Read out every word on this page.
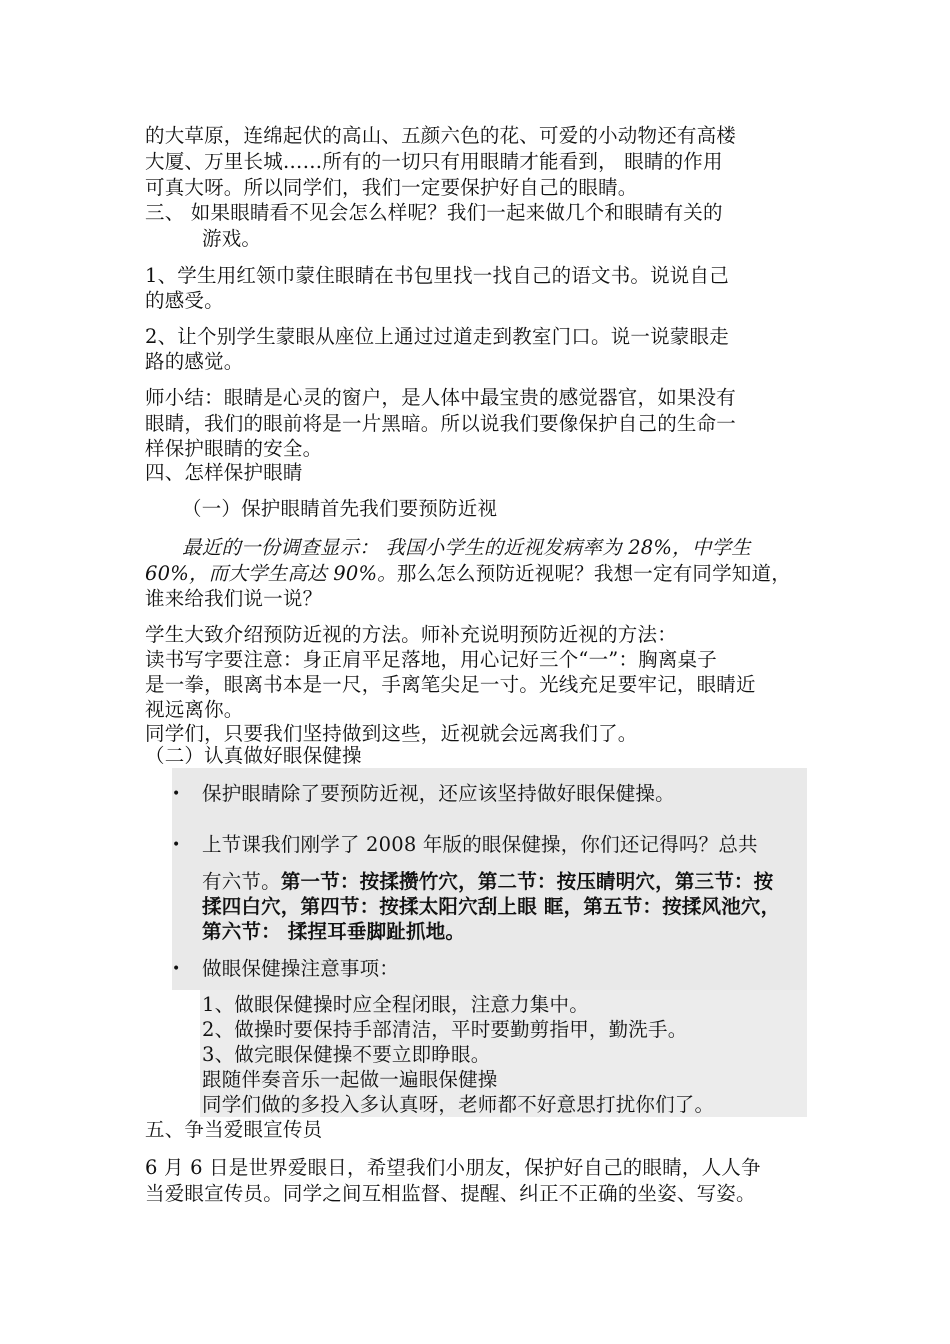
的大草原，连绵起伏的高山、五颜六色的花、可爱的小动物还有高楼
大厦、万里长城……所有的一切只有用眼睛才能看到， 眼睛的作用
可真大呀。所以同学们，我们一定要保护好自己的眼睛。
三、 如果眼睛看不见会怎么样呢？我们一起来做几个和眼睛有关的
游戏。
1、学生用红领巾蒙住眼睛在书包里找一找自己的语文书。说说自己
的感受。
2、让个别学生蒙眼从座位上通过过道走到教室门口。说一说蒙眼走
路的感觉。
师小结：眼睛是心灵的窗户，是人体中最宝贵的感觉器官，如果没有
眼睛，我们的眼前将是一片黑暗。所以说我们要像保护自己的生命一
样保护眼睛的安全。
四、怎样保护眼睛
（一）保护眼睛首先我们要预防近视
最近的一份调查显示： 我国小学生的近视发病率为 28%，中学生
60%，而大学生高达 90%。那么怎么预防近视呢？我想一定有同学知道，
谁来给我们说一说？
学生大致介绍预防近视的方法。师补充说明预防近视的方法：
读书写字要注意：身正肩平足落地，用心记好三个“一”：胸离桌子
是一拳，眼离书本是一尺，手离笔尖足一寸。光线充足要牢记，眼睛近
视远离你。
同学们，只要我们坚持做到这些，近视就会远离我们了。
（二）认真做好眼保健操
• 保护眼睛除了要预防近视，还应该坚持做好眼保健操。
• 上节课我们刚学了 2008 年版的眼保健操，你们还记得吗？总共
有六节。第一节：按揉攒竹穴，第二节：按压睛明穴，第三节：按
揉四白穴，第四节：按揉太阳穴刮上眼 眶，第五节：按揉风池穴，
第六节： 揉捏耳垂脚趾抓地。
• 做眼保健操注意事项：
1、做眼保健操时应全程闭眼，注意力集中。
2、做操时要保持手部清洁，平时要勤剪指甲，勤洗手。
3、做完眼保健操不要立即睁眼。
跟随伴奏音乐一起做一遍眼保健操
同学们做的多投入多认真呀，老师都不好意思打扰你们了。
五、争当爱眼宣传员
6 月 6 日是世界爱眼日，希望我们小朋友，保护好自己的眼睛，人人争
当爱眼宣传员。同学之间互相监督、提醒、纠正不正确的坐姿、写姿。
